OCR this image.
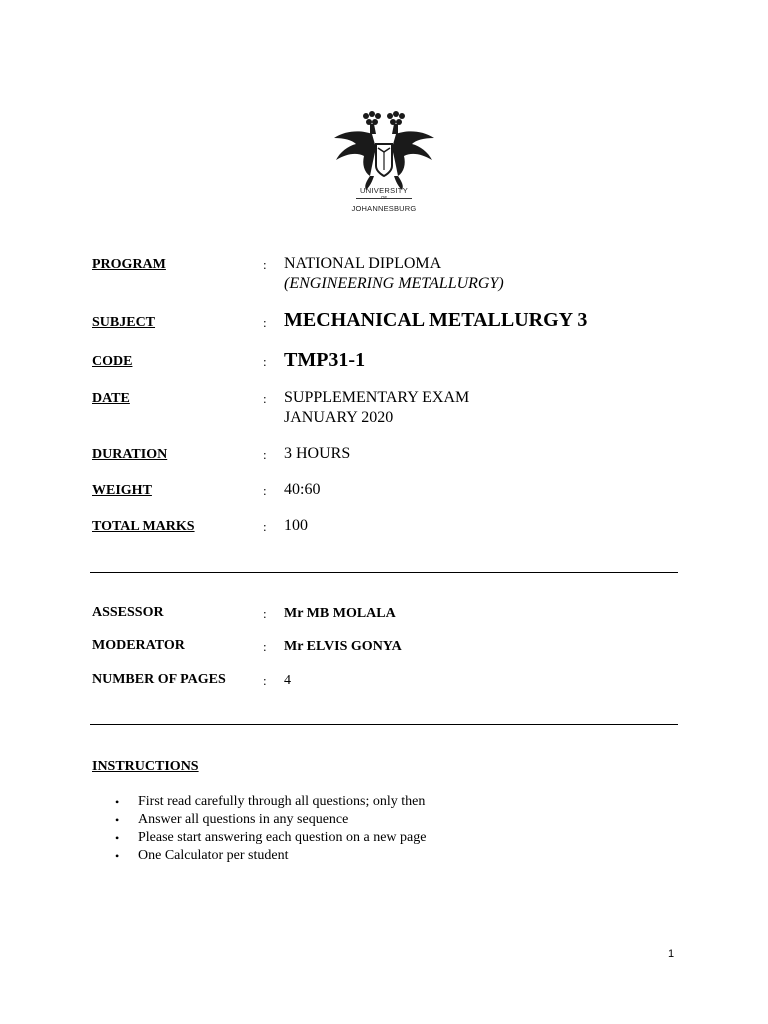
UNIVERSITY
OF
JOHANNESBURG
PROGRAM	: NATIONAL DIPLOMA
(ENGINEERING METALLURGY)
SUBJECT	: MECHANICAL METALLURGY 3
CODE	: TMP31-1
DATE	: SUPPLEMENTARY EXAM
JANUARY 2020
DURATION	: 3 HOURS
WEIGHT	: 40:60
TOTAL MARKS	: 100
ASSESSOR	: Mr MB MOLALA
MODERATOR	: Mr ELVIS GONYA
NUMBER OF PAGES	: 4
INSTRUCTIONS
• First read carefully through all questions; only then
• Answer all questions in any sequence
• Please start answering each question on a new page
• One Calculator per student
1
